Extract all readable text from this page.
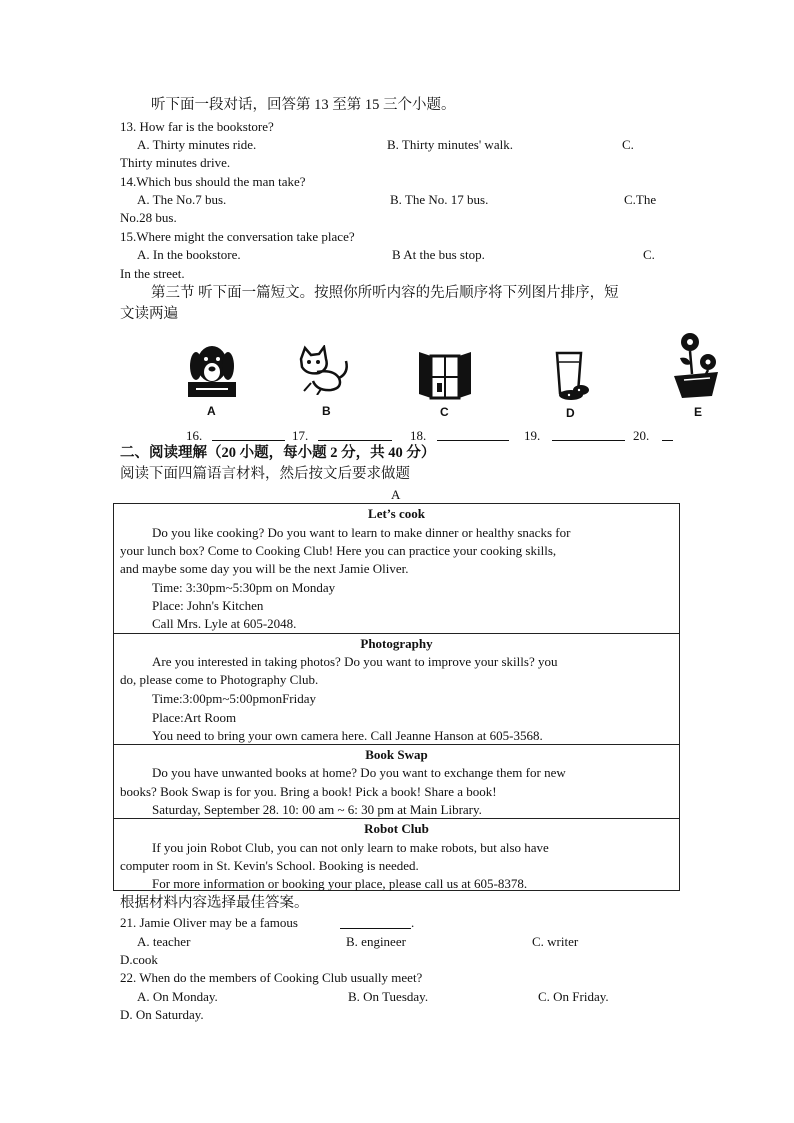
听下面一段对话，回答第 13 至第 15 三个小题。
13. How far is the bookstore?
A. Thirty minutes ride.	B. Thirty minutes' walk.	C.
Thirty minutes drive.
14.Which bus should the man take?
A. The No.7 bus.	B. The No. 17 bus.	C.The
No.28 bus.
15.Where might the conversation take place?
A. In the bookstore.	B At the bus stop.	C.
In the street.
第三节 听下面一篇短文。按照你所听内容的先后顺序将下列图片排序，短
文读两遍
A	B	C	D	E
16.	17.	18.	19.	20.
二、阅读理解（20 小题，每小题 2 分，共 40 分）
阅读下面四篇语言材料，然后按文后要求做题
A
Let’s cook
Do you like cooking? Do you want to learn to make dinner or healthy snacks for
your lunch box? Come to Cooking Club! Here you can practice your cooking skills,
and maybe some day you will be the next Jamie Oliver.
Time: 3:30pm~5:30pm on Monday
Place: John's Kitchen
Call Mrs. Lyle at 605-2048.
Photography
Are you interested in taking photos? Do you want to improve your skills? you
do, please come to Photography Club.
Time:3:00pm~5:00pmonFriday
Place:Art Room
You need to bring your own camera here. Call Jeanne Hanson at 605-3568.
Book Swap
Do you have unwanted books at home? Do you want to exchange them for new
books? Book Swap is for you. Bring a book! Pick a book! Share a book!
Saturday, September 28. 10: 00 am ~ 6: 30 pm at Main Library.
Robot Club
If you join Robot Club, you can not only learn to make robots, but also have
computer room in St. Kevin's School. Booking is needed.
For more information or booking your place, please call us at 605-8378.
根据材料内容选择最佳答案。
21. Jamie Oliver may be a famous	.
A. teacher	B. engineer	C. writer
D.cook
22. When do the members of Cooking Club usually meet?
A. On Monday.	B. On Tuesday.	C. On Friday.
D. On Saturday.
